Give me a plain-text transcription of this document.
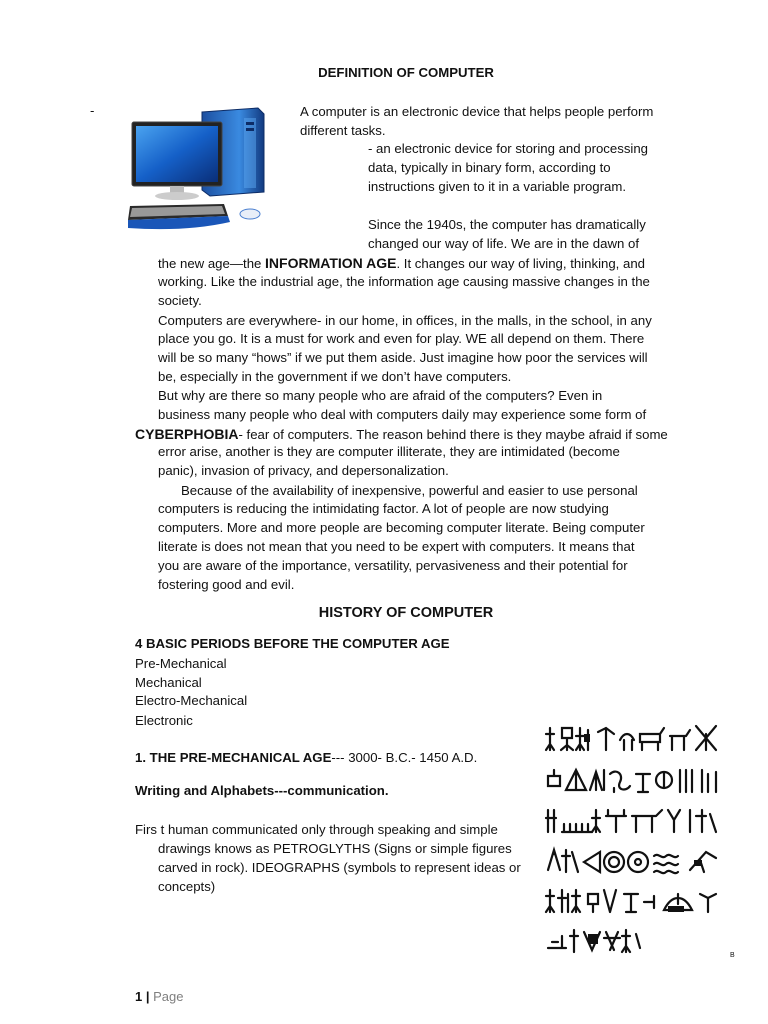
DEFINITION OF COMPUTER
-	A computer is an electronic device that helps people perform
different tasks.
- an electronic device for storing and processing
data, typically in binary form, according to
instructions given to it in a variable program.
Since the 1940s, the computer has dramatically
changed our way of life. We are in the dawn of
the new age—the INFORMATION AGE. It changes our way of living, thinking, and
working. Like the industrial age, the information age causing massive changes in the
society.
Computers are everywhere- in our home, in offices, in the malls, in the school, in any
place you go. It is a must for work and even for play. WE all depend on them. There
will be so many “hows” if we put them aside. Just imagine how poor the services will
be, especially in the government if we don’t have computers.
But why are there so many people who are afraid of the computers? Even in
business many people who deal with computers daily may experience some form of
CYBERPHOBIA- fear of computers. The reason behind there is they maybe afraid if some
error arise, another is they are computer illiterate, they are intimidated (become
panic), invasion of privacy, and depersonalization.
Because of the availability of inexpensive, powerful and easier to use personal
computers is reducing the intimidating factor. A lot of people are now studying
computers. More and more people are becoming computer literate. Being computer
literate is does not mean that you need to be expert with computers. It means that
you are aware of the importance, versatility, pervasiveness and their potential for
fostering good and evil.
HISTORY OF COMPUTER
4 BASIC PERIODS BEFORE THE COMPUTER AGE
Pre-Mechanical
Mechanical
Electro-Mechanical
Electronic
1. THE PRE-MECHANICAL AGE--- 3000- B.C.- 1450 A.D.
Writing and Alphabets---communication.
Firs t human communicated only through speaking and simple
drawings knows as PETROGLYTHS (Signs or simple figures
carved in rock). IDEOGRAPHS (symbols to represent ideas or
concepts)
B
1 | Page
